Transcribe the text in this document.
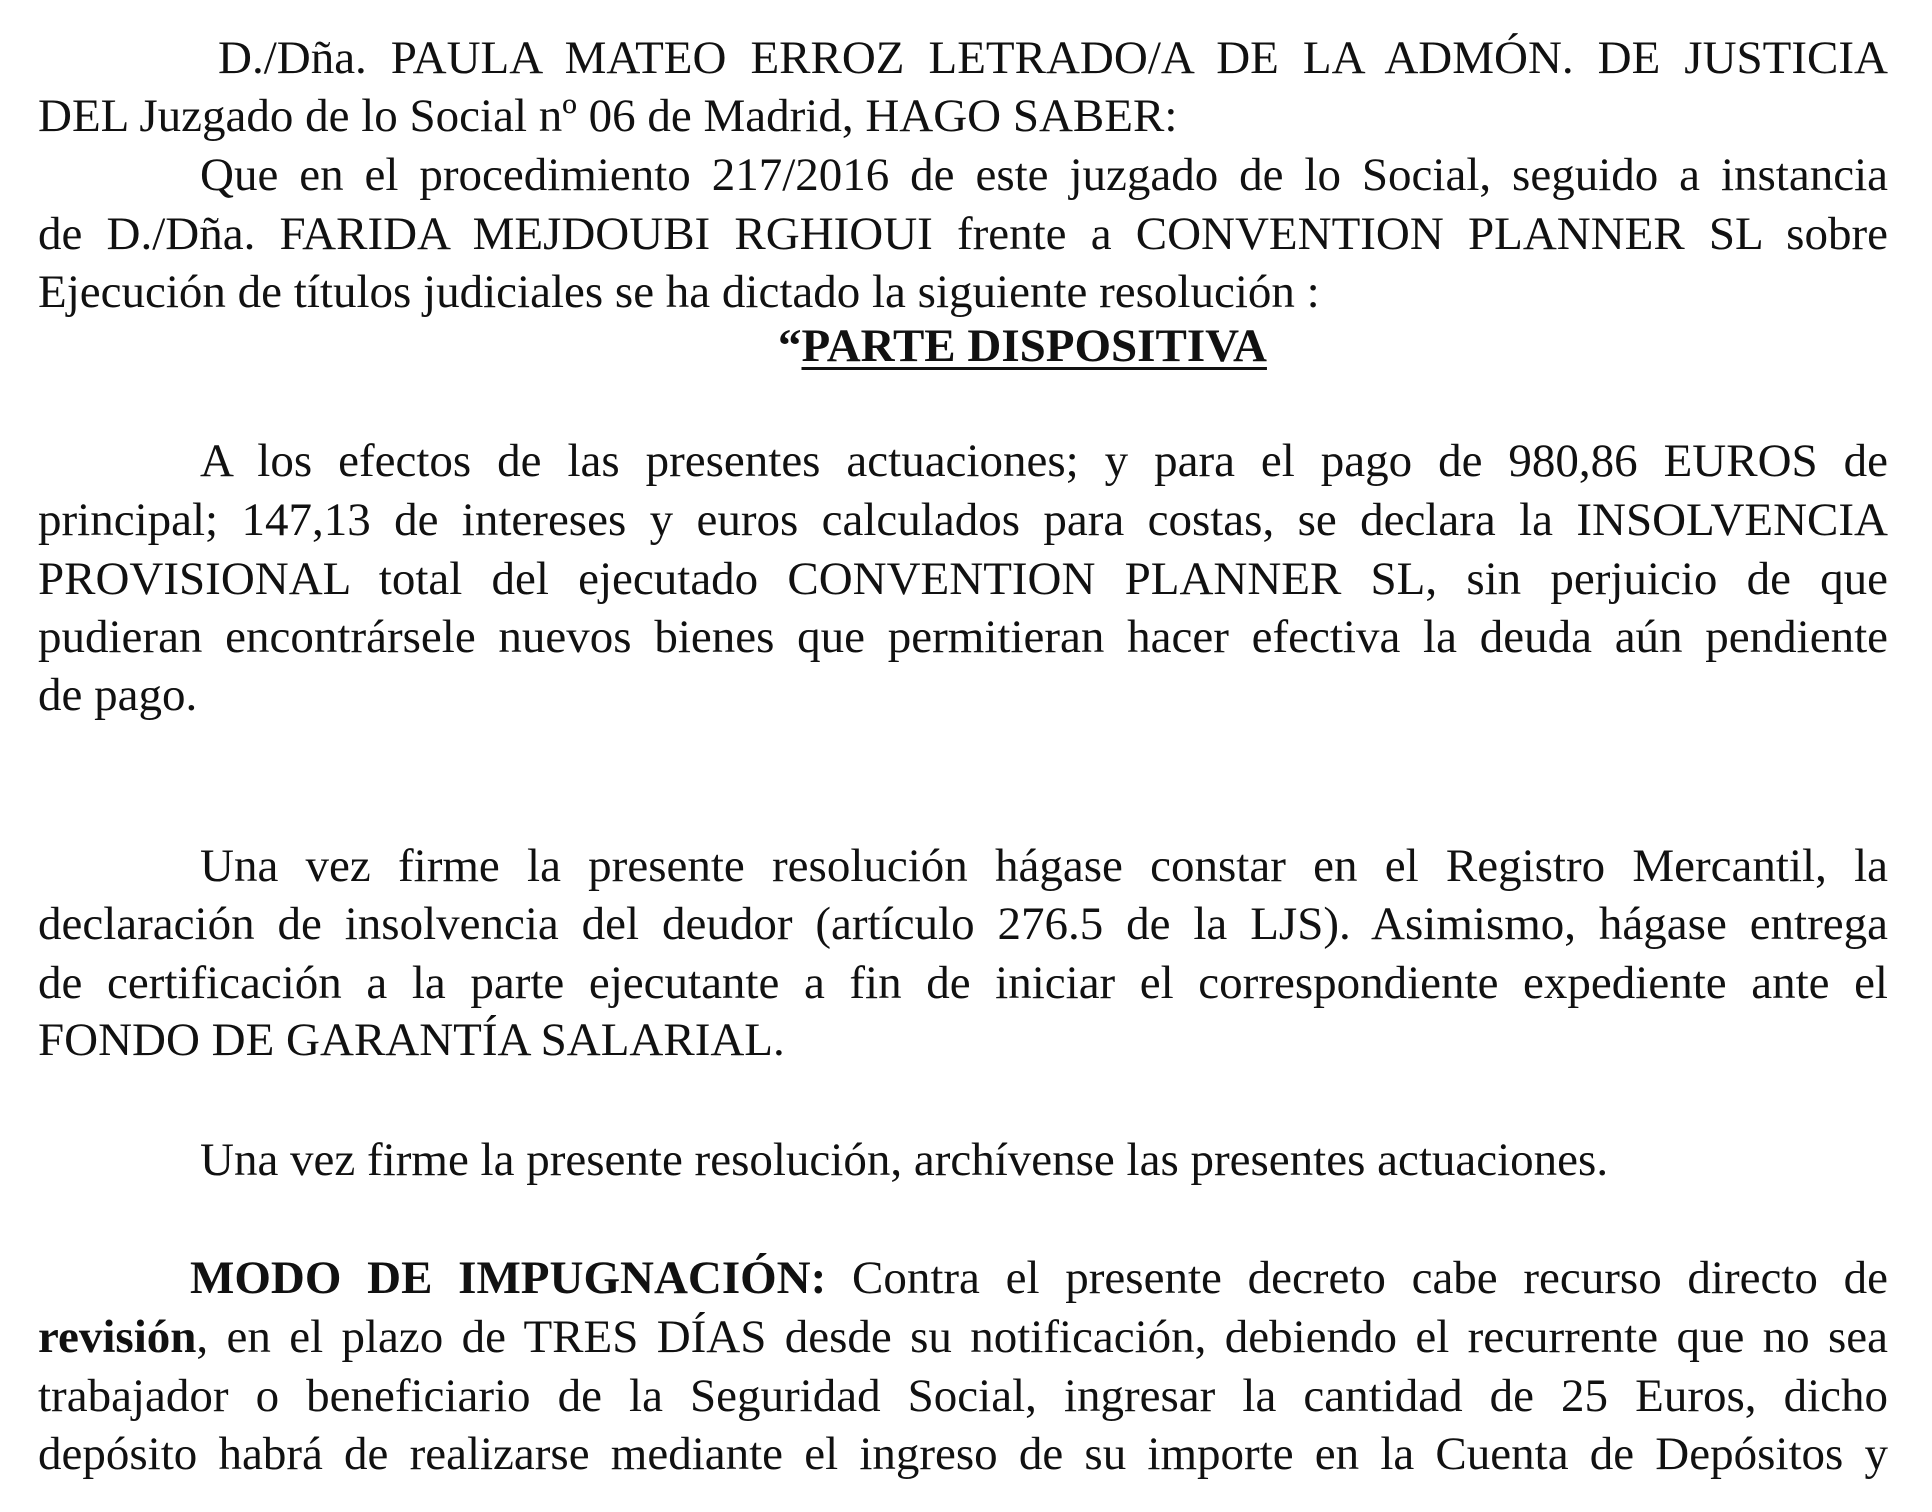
D./Dña. PAULA MATEO ERROZ LETRADO/A DE LA ADMÓN. DE JUSTICIA
DEL Juzgado de lo Social nº 06 de Madrid, HAGO SABER:
Que en el procedimiento 217/2016 de este juzgado de lo Social, seguido a instancia
de D./Dña. FARIDA MEJDOUBI RGHIOUI frente a CONVENTION PLANNER SL sobre
Ejecución de títulos judiciales se ha dictado la siguiente resolución :
“PARTE DISPOSITIVA
A los efectos de las presentes actuaciones; y para el pago de 980,86 EUROS de
principal; 147,13 de intereses y euros calculados para costas, se declara la INSOLVENCIA
PROVISIONAL total del ejecutado CONVENTION PLANNER SL, sin perjuicio de que
pudieran encontrársele nuevos bienes que permitieran hacer efectiva la deuda aún pendiente
de pago.
Una vez firme la presente resolución hágase constar en el Registro Mercantil, la
declaración de insolvencia del deudor (artículo 276.5 de la LJS). Asimismo, hágase entrega
de certificación a la parte ejecutante a fin de iniciar el correspondiente expediente ante el
FONDO DE GARANTÍA SALARIAL.
Una vez firme la presente resolución, archívense las presentes actuaciones.
MODO DE IMPUGNACIÓN: Contra el presente decreto cabe recurso directo de
revisión, en el plazo de TRES DÍAS desde su notificación, debiendo el recurrente que no sea
trabajador o beneficiario de la Seguridad Social, ingresar la cantidad de 25 Euros, dicho
depósito habrá de realizarse mediante el ingreso de su importe en la Cuenta de Depósitos y
